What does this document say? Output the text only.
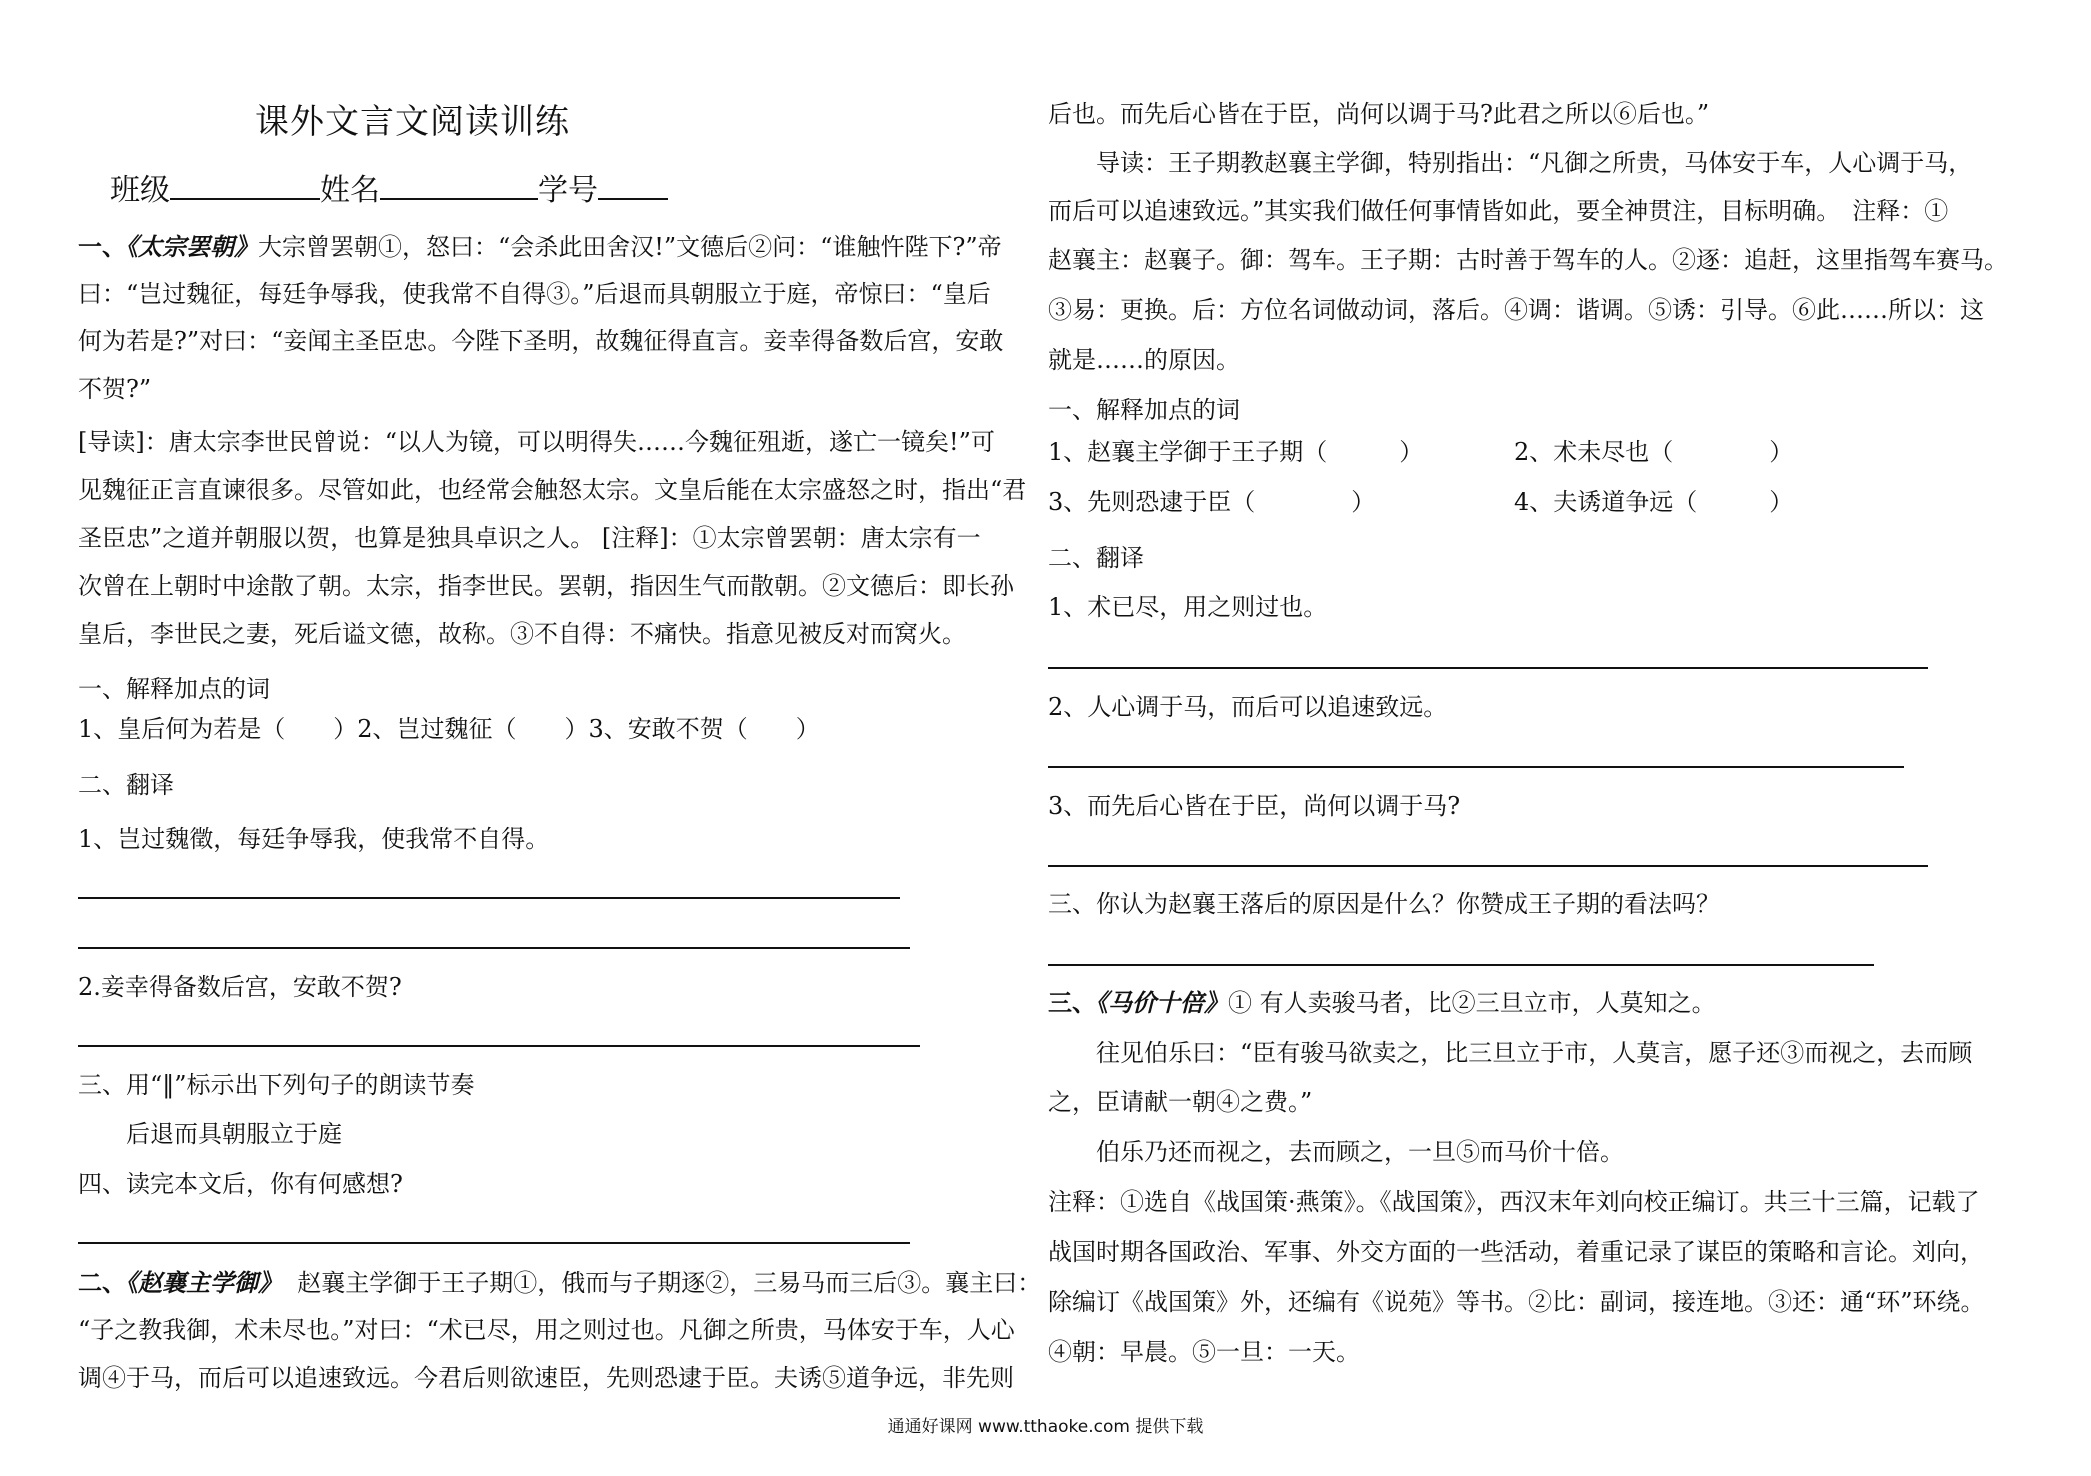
课外文言文阅读训练
班级	姓名	学号
一、《太宗罢朝》大宗曾罢朝①，怒曰：“会杀此田舍汉!”文德后②问：“谁触忤陛下?”帝
曰：“岂过魏征，每廷争辱我，使我常不自得③。”后退而具朝服立于庭，帝惊曰：“皇后
何为若是?”对曰：“妾闻主圣臣忠。今陛下圣明，故魏征得直言。妾幸得备数后宫，安敢
不贺?”
[导读]：唐太宗李世民曾说：“以人为镜，可以明得失……今魏征殂逝，遂亡一镜矣!”可
见魏征正言直谏很多。尽管如此，也经常会触怒太宗。文皇后能在太宗盛怒之时，指出“君
圣臣忠”之道并朝服以贺，也算是独具卓识之人。 [注释]：①太宗曾罢朝：唐太宗有一
次曾在上朝时中途散了朝。太宗，指李世民。罢朝，指因生气而散朝。②文德后：即长孙
皇后，李世民之妻，死后谥文德，故称。③不自得：不痛快。指意见被反对而窝火。
一、解释加点的词
1、皇后何为若是（　　）2、岂过魏征（　　）3、安敢不贺（　　）
二、翻译
1、岂过魏徵，每廷争辱我，使我常不自得。
2.妾幸得备数后宫，安敢不贺?
三、用“‖”标示出下列句子的朗读节奏
后退而具朝服立于庭
四、读完本文后，你有何感想?
二、《赵襄主学御》 赵襄主学御于王子期①，俄而与子期逐②，三易马而三后③。襄主曰：
“子之教我御，术未尽也。”对曰：“术已尽，用之则过也。凡御之所贵，马体安于车，人心
调④于马，而后可以追速致远。今君后则欲速臣，先则恐逮于臣。夫诱⑤道争远，非先则
后也。而先后心皆在于臣，尚何以调于马?此君之所以⑥后也。”
导读：王子期教赵襄主学御，特别指出：“凡御之所贵，马体安于车，人心调于马，
而后可以追速致远。”其实我们做任何事情皆如此，要全神贯注，目标明确。　注释：①
赵襄主：赵襄子。御：驾车。王子期：古时善于驾车的人。②逐：追赶，这里指驾车赛马。
③易：更换。后：方位名词做动词，落后。④调：谐调。⑤诱：引导。⑥此……所以：这
就是……的原因。
一、解释加点的词
1、赵襄主学御于王子期（　　　）	2、术未尽也（　　　　）
3、先则恐逮于臣（　　　　）	4、夫诱道争远（　　　）
二、翻译
1、术已尽，用之则过也。
2、人心调于马，而后可以追速致远。
3、而先后心皆在于臣，尚何以调于马?
三、你认为赵襄王落后的原因是什么？你赞成王子期的看法吗？
三、《马价十倍》① 有人卖骏马者，比②三旦立市，人莫知之。
往见伯乐曰：“臣有骏马欲卖之，比三旦立于市，人莫言，愿子还③而视之，去而顾
之，臣请献一朝④之费。”
伯乐乃还而视之，去而顾之，一旦⑤而马价十倍。
注释：①选自《战国策·燕策》。《战国策》，西汉末年刘向校正编订。共三十三篇，记载了
战国时期各国政治、军事、外交方面的一些活动，着重记录了谋臣的策略和言论。刘向，
除编订《战国策》外，还编有《说苑》等书。②比：副词，接连地。③还：通“环”环绕。
④朝：早晨。⑤一旦：一天。
通通好课网 www.tthaoke.com 提供下载
